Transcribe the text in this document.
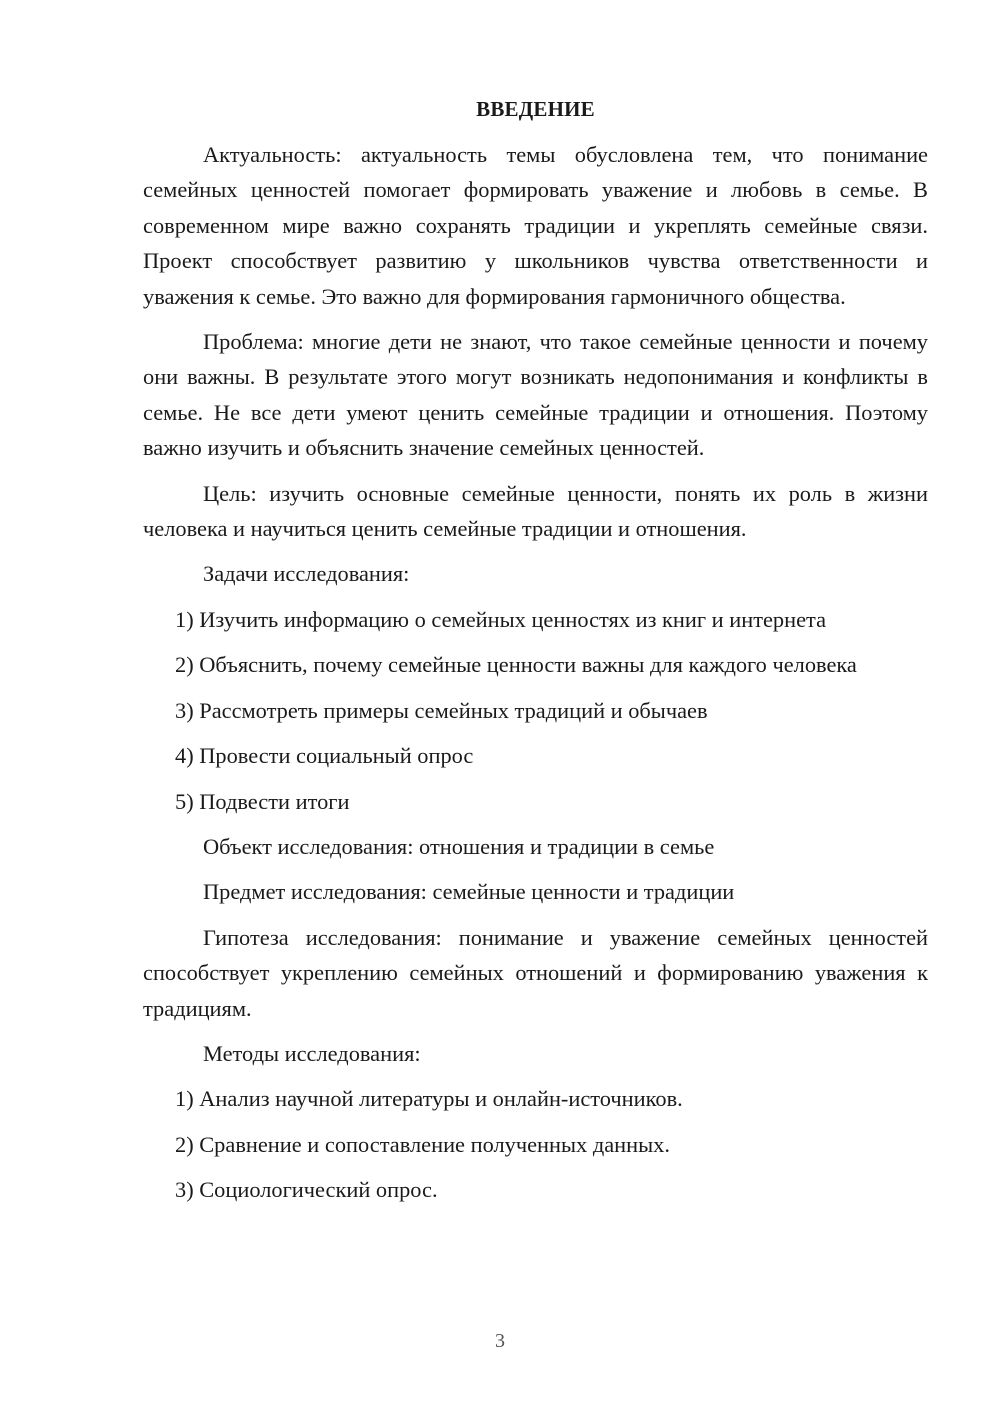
ВВЕДЕНИЕ

Актуальность: актуальность темы обусловлена тем, что понимание семейных ценностей помогает формировать уважение и любовь в семье. В современном мире важно сохранять традиции и укреплять семейные связи. Проект способствует развитию у школьников чувства ответственности и уважения к семье. Это важно для формирования гармоничного общества.

Проблема: многие дети не знают, что такое семейные ценности и почему они важны. В результате этого могут возникать недопонимания и конфликты в семье. Не все дети умеют ценить семейные традиции и отношения. Поэтому важно изучить и объяснить значение семейных ценностей.

Цель: изучить основные семейные ценности, понять их роль в жизни человека и научиться ценить семейные традиции и отношения.

Задачи исследования:

1) Изучить информацию о семейных ценностях из книг и интернета

2) Объяснить, почему семейные ценности важны для каждого человека

3) Рассмотреть примеры семейных традиций и обычаев

4) Провести социальный опрос

5) Подвести итоги

Объект исследования: отношения и традиции в семье

Предмет исследования: семейные ценности и традиции

Гипотеза исследования: понимание и уважение семейных ценностей способствует укреплению семейных отношений и формированию уважения к традициям.

Методы исследования:

1) Анализ научной литературы и онлайн-источников.

2) Сравнение и сопоставление полученных данных.

3) Социологический опрос.

3
